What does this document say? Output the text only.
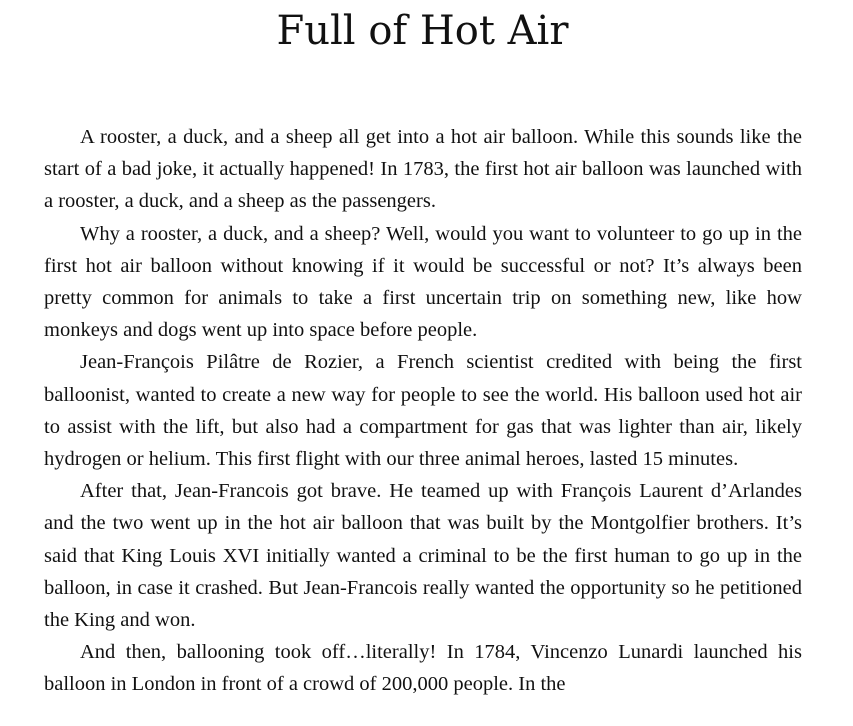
Full of Hot Air

A rooster, a duck, and a sheep all get into a hot air balloon. While this sounds like the start of a bad joke, it actually happened! In 1783, the first hot air balloon was launched with a rooster, a duck, and a sheep as the passengers.

Why a rooster, a duck, and a sheep? Well, would you want to volunteer to go up in the first hot air balloon without knowing if it would be successful or not? It’s always been pretty common for animals to take a first uncertain trip on something new, like how monkeys and dogs went up into space before people.

Jean-François Pilâtre de Rozier, a French scientist credited with being the first balloonist, wanted to create a new way for people to see the world. His balloon used hot air to assist with the lift, but also had a compartment for gas that was lighter than air, likely hydrogen or helium. This first flight with our three animal heroes, lasted 15 minutes.

After that, Jean-Francois got brave. He teamed up with François Laurent d’Arlandes and the two went up in the hot air balloon that was built by the Montgolfier brothers. It’s said that King Louis XVI initially wanted a criminal to be the first human to go up in the balloon, in case it crashed. But Jean-Francois really wanted the opportunity so he petitioned the King and won.

And then, ballooning took off…literally! In 1784, Vincenzo Lunardi launched his balloon in London in front of a crowd of 200,000 people. In the
